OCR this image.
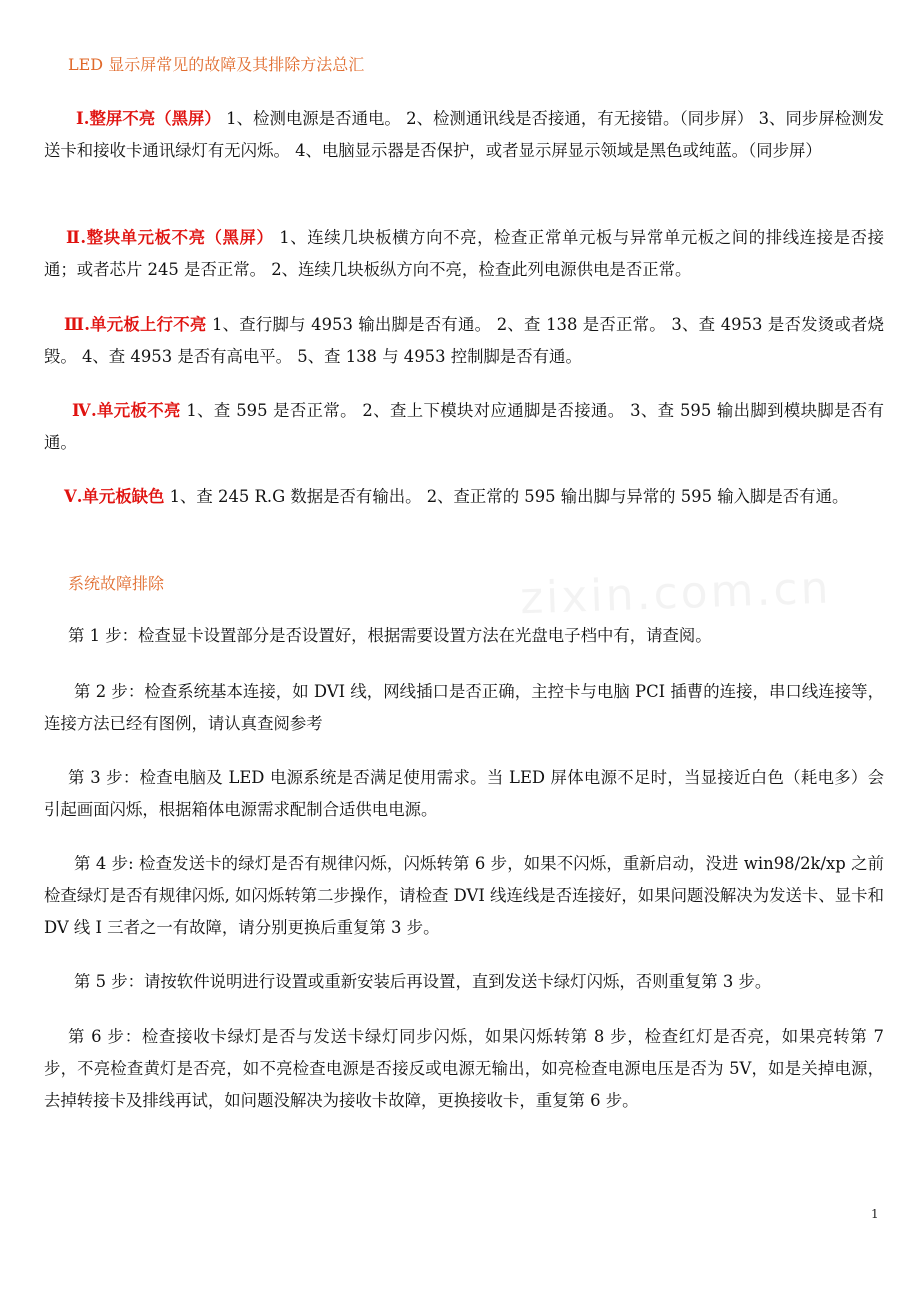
LED 显示屏常见的故障及其排除方法总汇
Ⅰ.整屏不亮（黑屏） 1、检测电源是否通电。 2、检测通讯线是否接通，有无接错。（同步屏） 3、同步屏检测发送卡和接收卡通讯绿灯有无闪烁。 4、电脑显示器是否保护，或者显示屏显示领域是黑色或纯蓝。（同步屏）
Ⅱ.整块单元板不亮（黑屏） 1、连续几块板横方向不亮，检查正常单元板与异常单元板之间的排线连接是否接通；或者芯片 245 是否正常。 2、连续几块板纵方向不亮，检查此列电源供电是否正常。
Ⅲ.单元板上行不亮 1、查行脚与 4953 输出脚是否有通。 2、查 138 是否正常。 3、查 4953 是否发烫或者烧毁。 4、查 4953 是否有高电平。 5、查 138 与 4953 控制脚是否有通。
Ⅳ.单元板不亮 1、查 595 是否正常。 2、查上下模块对应通脚是否接通。 3、查 595 输出脚到模块脚是否有通。
Ⅴ.单元板缺色 1、查 245 R.G 数据是否有输出。 2、查正常的 595 输出脚与异常的 595 输入脚是否有通。
系统故障排除
第 1 步：检查显卡设置部分是否设置好，根据需要设置方法在光盘电子档中有，请查阅。
第 2 步：检查系统基本连接，如 DVI 线，网线插口是否正确，主控卡与电脑 PCI 插曹的连接，串口线连接等，连接方法已经有图例，请认真查阅参考
第 3 步：检查电脑及 LED 电源系统是否满足使用需求。当 LED 屏体电源不足时，当显接近白色（耗电多）会引起画面闪烁，根据箱体电源需求配制合适供电电源。
第 4 步: 检查发送卡的绿灯是否有规律闪烁，闪烁转第 6 步，如果不闪烁，重新启动，没进 win98/2k/xp 之前检查绿灯是否有规律闪烁, 如闪烁转第二步操作，请检查 DVI 线连线是否连接好，如果问题没解决为发送卡、显卡和 DV 线 I 三者之一有故障，请分别更换后重复第 3 步。
第 5 步：请按软件说明进行设置或重新安装后再设置，直到发送卡绿灯闪烁，否则重复第 3 步。
第 6 步：检查接收卡绿灯是否与发送卡绿灯同步闪烁，如果闪烁转第 8 步，检查红灯是否亮，如果亮转第 7 步，不亮检查黄灯是否亮，如不亮检查电源是否接反或电源无输出，如亮检查电源电压是否为 5V，如是关掉电源，去掉转接卡及排线再试，如问题没解决为接收卡故障，更换接收卡，重复第 6 步。
1
